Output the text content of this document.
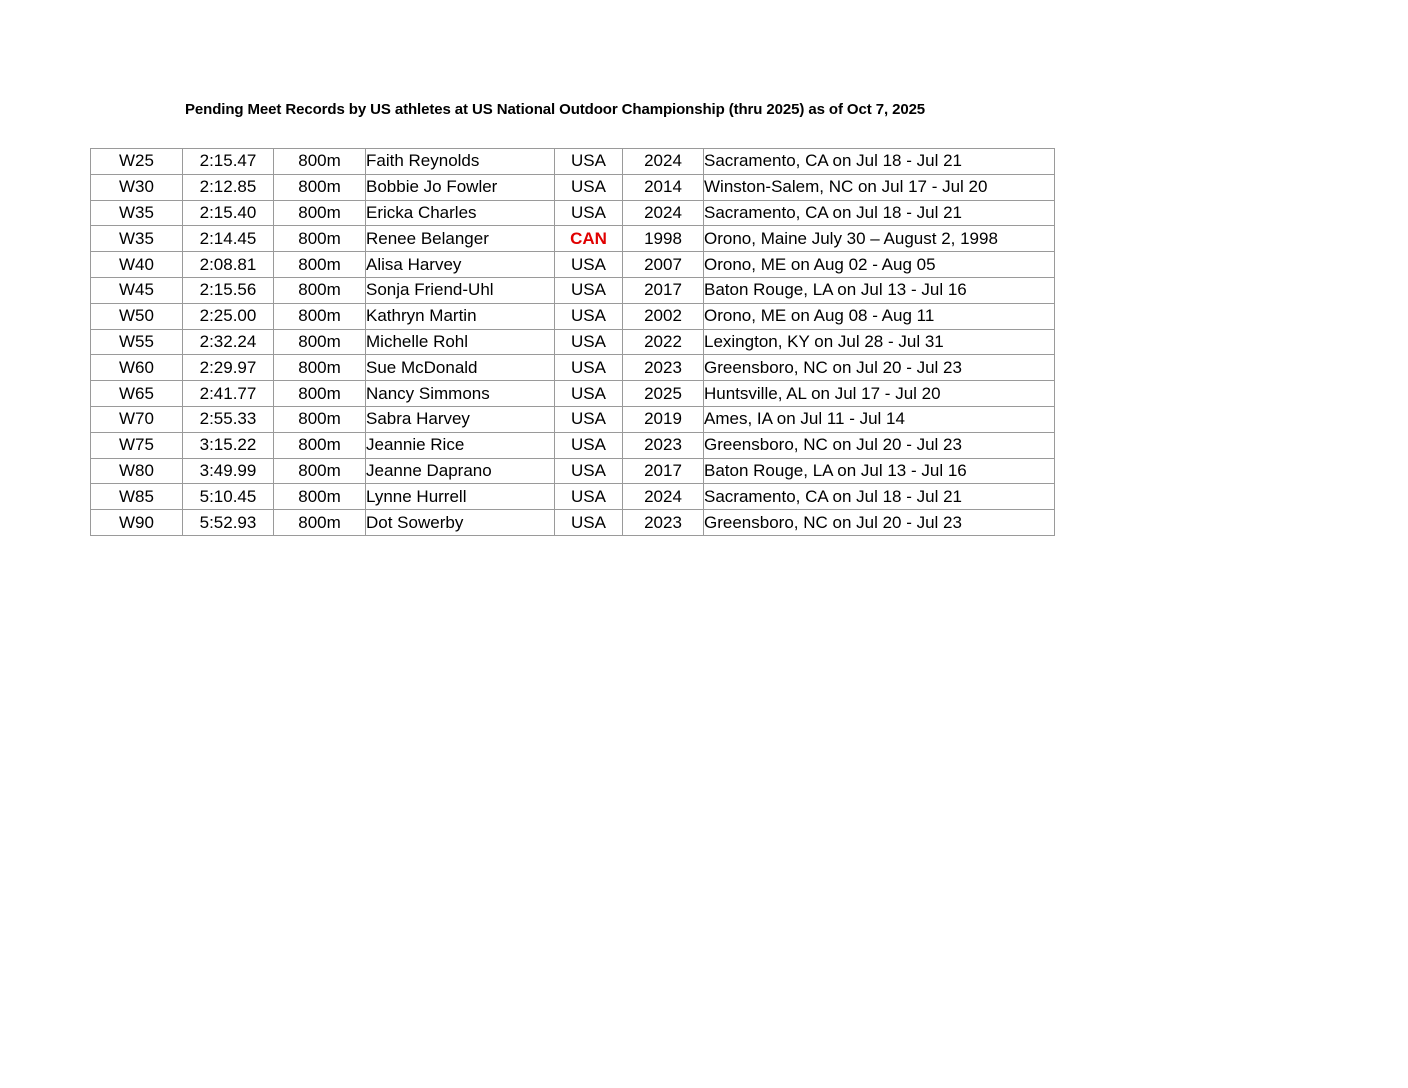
Pending Meet Records by US athletes at US National Outdoor Championship (thru 2025) as of Oct 7, 2025
W25	2:15.47	800m	Faith Reynolds	USA	2024	Sacramento, CA on Jul 18 - Jul 21
W30	2:12.85	800m	Bobbie Jo Fowler	USA	2014	Winston-Salem, NC on Jul 17 - Jul 20
W35	2:15.40	800m	Ericka Charles	USA	2024	Sacramento, CA on Jul 18 - Jul 21
W35	2:14.45	800m	Renee Belanger	CAN	1998	Orono, Maine July 30 – August 2, 1998
W40	2:08.81	800m	Alisa Harvey	USA	2007	Orono, ME on Aug 02 - Aug 05
W45	2:15.56	800m	Sonja Friend-Uhl	USA	2017	Baton Rouge, LA on Jul 13 - Jul 16
W50	2:25.00	800m	Kathryn Martin	USA	2002	Orono, ME on Aug 08 - Aug 11
W55	2:32.24	800m	Michelle Rohl	USA	2022	Lexington, KY on Jul 28 - Jul 31
W60	2:29.97	800m	Sue McDonald	USA	2023	Greensboro, NC on Jul 20 - Jul 23
W65	2:41.77	800m	Nancy Simmons	USA	2025	Huntsville, AL on Jul 17 - Jul 20
W70	2:55.33	800m	Sabra Harvey	USA	2019	Ames, IA on Jul 11 - Jul 14
W75	3:15.22	800m	Jeannie Rice	USA	2023	Greensboro, NC on Jul 20 - Jul 23
W80	3:49.99	800m	Jeanne Daprano	USA	2017	Baton Rouge, LA on Jul 13 - Jul 16
W85	5:10.45	800m	Lynne Hurrell	USA	2024	Sacramento, CA on Jul 18 - Jul 21
W90	5:52.93	800m	Dot Sowerby	USA	2023	Greensboro, NC on Jul 20 - Jul 23
